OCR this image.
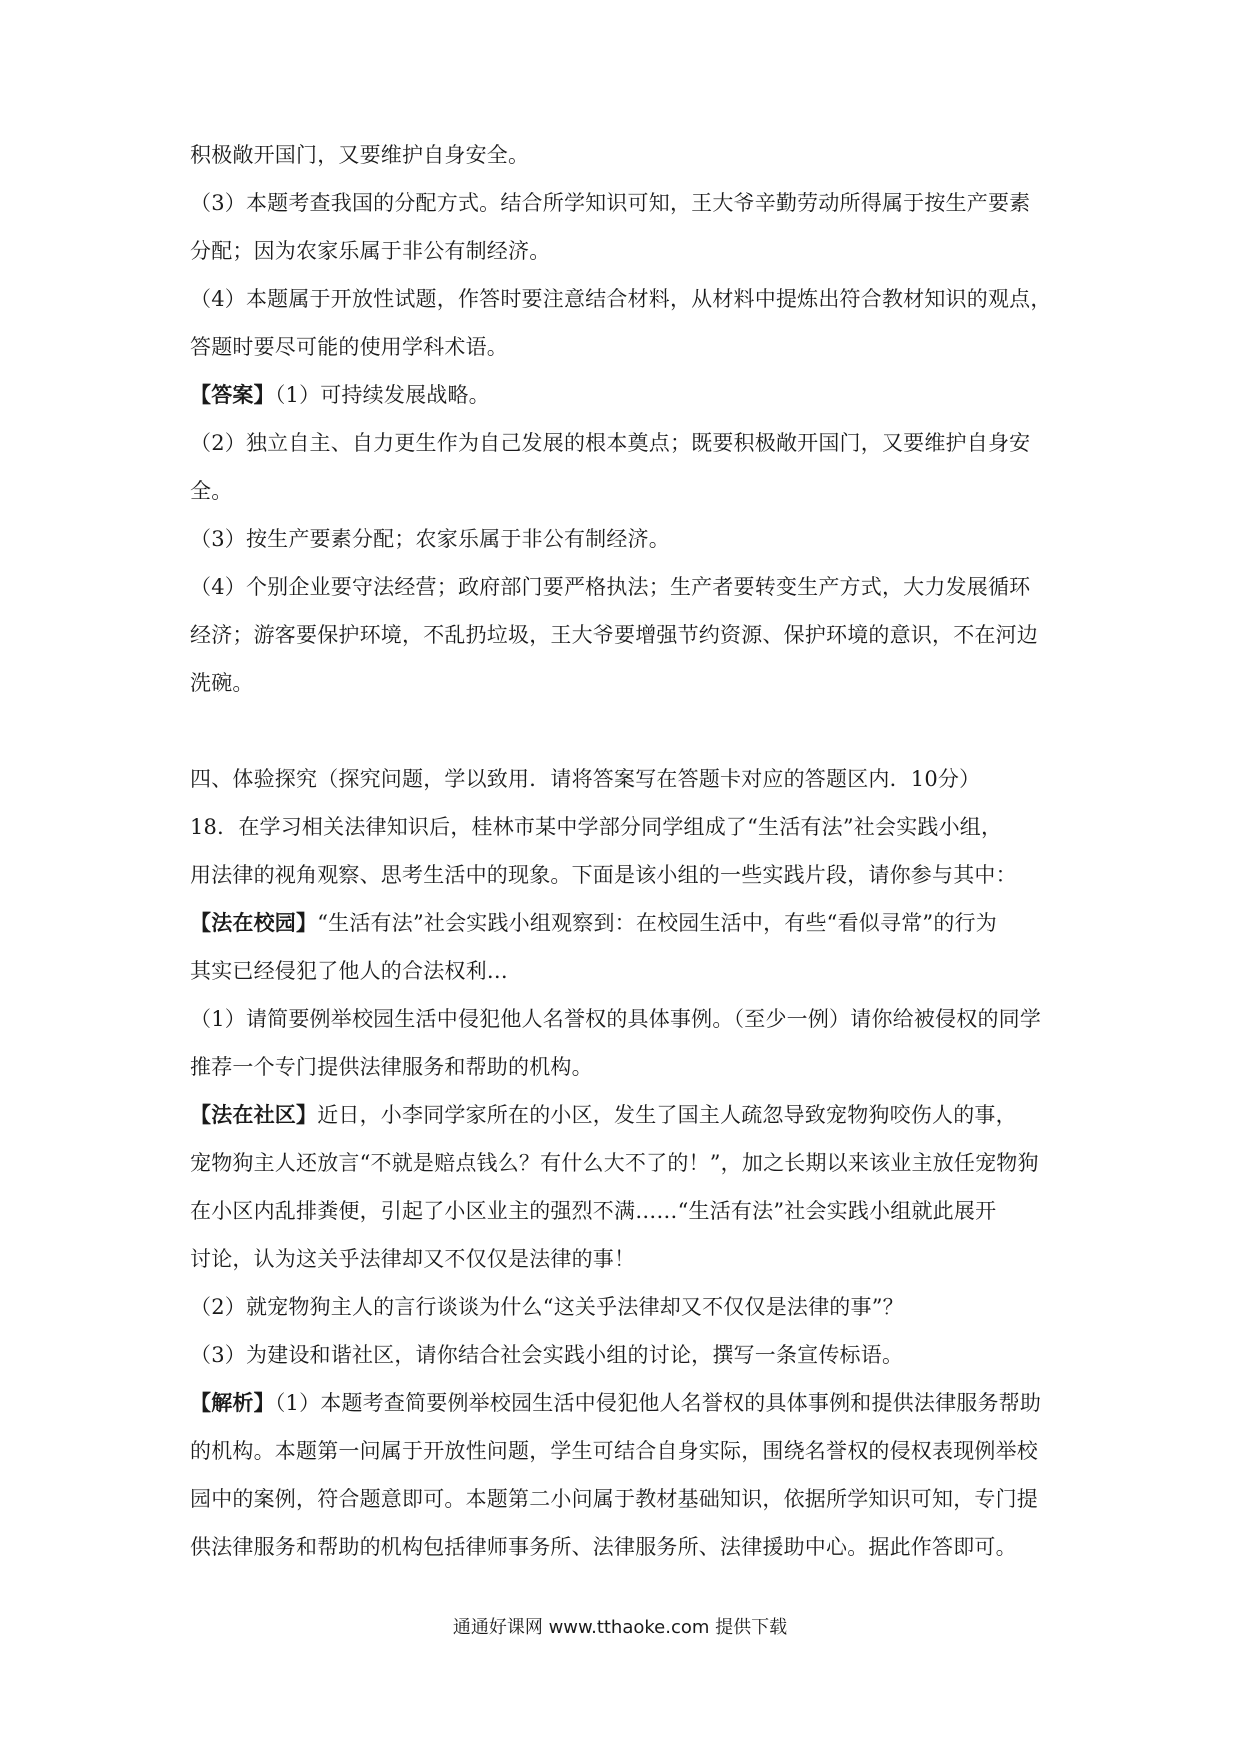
积极敞开国门，又要维护自身安全。
（3）本题考查我国的分配方式。结合所学知识可知，王大爷辛勤劳动所得属于按生产要素
分配；因为农家乐属于非公有制经济。
（4）本题属于开放性试题，作答时要注意结合材料，从材料中提炼出符合教材知识的观点，
答题时要尽可能的使用学科术语。
【答案】（1）可持续发展战略。
（2）独立自主、自力更生作为自己发展的根本奠点；既要积极敞开国门，又要维护自身安
全。
（3）按生产要素分配；农家乐属于非公有制经济。
（4）个别企业要守法经营；政府部门要严格执法；生产者要转变生产方式，大力发展循环
经济；游客要保护环境，不乱扔垃圾，王大爷要增强节约资源、保护环境的意识，不在河边
洗碗。
四、体验探究（探究问题，学以致用．请将答案写在答题卡对应的答题区内．10分）
18．在学习相关法律知识后，桂林市某中学部分同学组成了“生活有法”社会实践小组，
用法律的视角观察、思考生活中的现象。下面是该小组的一些实践片段，请你参与其中：
【法在校园】“生活有法”社会实践小组观察到：在校园生活中，有些“看似寻常”的行为
其实已经侵犯了他人的合法权利…
（1）请简要例举校园生活中侵犯他人名誉权的具体事例。（至少一例）请你给被侵权的同学
推荐一个专门提供法律服务和帮助的机构。
【法在社区】近日，小李同学家所在的小区，发生了国主人疏忽导致宠物狗咬伤人的事，
宠物狗主人还放言“不就是赔点钱么？有什么大不了的！”，加之长期以来该业主放任宠物狗
在小区内乱排粪便，引起了小区业主的强烈不满……“生活有法”社会实践小组就此展开
讨论，认为这关乎法律却又不仅仅是法律的事！
（2）就宠物狗主人的言行谈谈为什么“这关乎法律却又不仅仅是法律的事”？
（3）为建设和谐社区，请你结合社会实践小组的讨论，撰写一条宣传标语。
【解析】（1）本题考查简要例举校园生活中侵犯他人名誉权的具体事例和提供法律服务帮助
的机构。本题第一问属于开放性问题，学生可结合自身实际，围绕名誉权的侵权表现例举校
园中的案例，符合题意即可。本题第二小问属于教材基础知识，依据所学知识可知，专门提
供法律服务和帮助的机构包括律师事务所、法律服务所、法律援助中心。据此作答即可。
通通好课网 www.tthaoke.com 提供下载
